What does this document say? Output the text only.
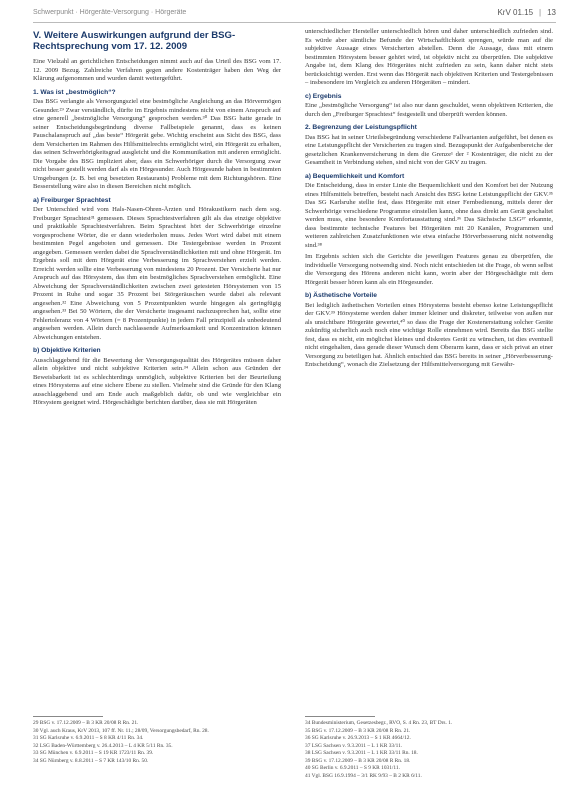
Schwerpunkt · Hörgeräte-Versorgung · Hörgeräte	KrV 01.15 | 13
V. Weitere Auswirkungen aufgrund der BSG-Rechtsprechung vom 17. 12. 2009

Eine Vielzahl an gerichtlichen Entscheidungen nimmt auch auf das Urteil des BSG vom 17. 12. 2009 Bezug. Zahlreiche Verfahren gegen andere Kostenträger haben den Weg der Klärung aufgenommen und wurden damit weitergeführt.

1. Was ist „bestmöglich“?

Das BSG verlangte als Versorgungsziel eine bestmögliche Angleichung an das Hörvermögen Gesunder.²⁹ Zwar verständlich, dürfte im Ergebnis mindestens nicht von einem Anspruch auf eine generell „bestmögliche Versorgung“ gesprochen werden.³⁰ Das BSG hatte gerade in seiner Entscheidungsbegründung diverse Fallbeispiele genannt, dass es keinen Pauschalanspruch auf „das beste“ Hörgerät gebe. Wichtig erscheint aus Sicht des BSG, dass dem Versicherten im Rahmen des Hilfsmittelrechts ermöglicht wird, ein Hörgerät zu erhalten, das seinen Schwerhörigkeitsgrad ausgleicht und die Kommunikation mit anderen ermöglicht. Die Vorgabe des BSG impliziert aber, dass ein Schwerhöriger durch die Versorgung zwar nicht besser gestellt werden darf als ein Hörgesunder. Auch Hörgesunde haben in bestimmten Umgebungen (z. B. bei eng besetzten Restaurants) Probleme mit dem Richtungshören. Eine Besserstellung wäre also in diesen Bereichen nicht möglich.

a) Freiburger Sprachtest

Der Unterschied wird vom Hals-Nasen-Ohren-Ärzten und Hörakustikern nach dem sog. Freiburger Sprachtest³¹ gemessen. Dieses Sprachtestverfahren gilt als das einzige objektive und praktikable Sprachtestverfahren. Beim Sprachtest hört der Schwerhörige einzelne vorgesprochene Wörter, die er dann wiederholen muss. Jedes Wort wird dabei mit einem bestimmten Pegel angeboten und gemessen. Die Testergebnisse werden in Prozent angegeben. Gemessen werden dabei die Sprachverständlichkeiten mit und ohne Hörgerät. Im Ergebnis soll mit dem Hörgerät eine Verbesserung im Sprachverstehen erzielt werden. Erreicht werden sollte eine Verbesserung von mindestens 20 Prozent. Der Versicherte hat nur Anspruch auf das Hörsystem, das ihm ein bestmögliches Sprachverstehen ermöglicht. Eine Abweichung der Sprachverständlichkeiten zwischen zwei getesteten Hörsystemen von 15 Prozent in Ruhe und sogar 35 Prozent bei Störgeräuschen wurde dabei als relevant angesehen.³² Eine Abweichung von 5 Prozentpunkten wurde hingegen als geringfügig angesehen.³³ Bei 50 Wörtern, die der Versicherte insgesamt nachzusprechen hat, sollte eine Fehlertoleranz von 4 Wörtern (= 8 Prozentpunkte) in jedem Fall prinzipiell als unbedeutend angesehen werden. Allein durch nachlassende Aufmerksamkeit und Konzentration können Abweichungen entstehen.

b) Objektive Kriterien

Ausschlaggebend für die Bewertung der Versorgungsqualität des Hörgerätes müssen daher allein objektive und nicht subjektive Kriterien sein.³⁴ Allein schon aus Gründen der Beweisbarkeit ist es schlechterdings unmöglich, subjektive Kriterien bei der Beurteilung eines Hörsystems auf eine sichere Ebene zu stellen. Vielmehr sind die Gründe für den Klang ausschlaggebend und am Ende auch maßgeblich dafür, ob und wie vergleichbar ein Hörsystem geeignet wird. Hörgeschädigte berichten darüber, dass sie mit Hörgeräten

unterschiedlicher Hersteller unterschiedlich hören und daher unterschiedlich zufrieden sind. Es würde aber sämtliche Befunde der Wirtschaftlichkeit sprengen, würde man auf die subjektive Aussage eines Versicherten abstellen. Denn die Aussage, dass mit einem bestimmten Hörsystem besser gehört wird, ist objektiv nicht zu überprüfen. Die subjektive Angabe ist, dem Klang des Hörgerätes nicht zufrieden zu sein, kann daher nicht stets berücksichtigt werden. Erst wenn das Hörgerät nach objektiven Kriterien und Testergebnissen – insbesondere im Vergleich zu anderen Hörgeräten – mindert.

c) Ergebnis

Eine „bestmögliche Versorgung“ ist also nur dann geschuldet, wenn objektiven Kriterien, die durch den „Freiburger Sprachtest“ festgestellt und überprüft werden können.

2. Begrenzung der Leistungspflicht

Das BSG hat in seiner Urteilsbegründung verschiedene Fallvarianten aufgeführt, bei denen es eine Leistungspflicht der Versicherten zu tragen sind. Bezugspunkt der Aufgabenbereiche der gesetzlichen Krankenversicherung in dem die Grenze¹ der ² Kostenträger, die nicht zu der Gesamtheit in Verbindung stehen, sind nicht von der GKV zu tragen.

a) Bequemlichkeit und Komfort

Die Entscheidung, dass in erster Linie die Bequemlichkeit und den Komfort bei der Nutzung eines Hilfsmittels betreffen, besteht nach Ansicht des BSG keine Leistungspflicht der GKV.³⁵ Das SG Karlsruhe stellte fest, dass Hörgeräte mit einer Fernbedienung, mittels derer der Schwerhörige verschiedene Programme einstellen kann, ohne dass direkt am Gerät geschaltet werden muss, eine besondere Komfortausstattung sind.³⁶ Das Sächsische LSG³⁷ erkannte, dass bestimmte technische Features bei Hörgeräten mit 20 Kanälen, Programmen und weiteren zahlreichen Zusatzfunktionen wie etwa einfache Hörverbesserung nicht notwendig sind.³⁸

Im Ergebnis schien sich die Gerichte die jeweiligen Features genau zu überprüfen, die individuelle Versorgung notwendig sind. Noch nicht entschieden ist die Frage, ob wenn selbst die Versorgung des Hörens anderen nicht kann, worin aber der Hörgeschädigte mit dem Hörgerät besser hören kann als ein Hörgesunder.

b) Ästhetische Vorteile

Bei lediglich ästhetischen Vorteilen eines Hörsystems besteht ebenso keine Leistungspflicht der GKV.³⁹ Hörsysteme werden daher immer kleiner und diskreter, teilweise von außen nur als unsichtbare Hörgeräte gewertet,⁴⁰ so dass die Frage der Kostenerstattung solcher Geräte zukünftig sicherlich auch noch eine wichtige Rolle einnehmen wird. Bereits das BSG stellte fest, dass es nicht, ein möglichst kleines und diskretes Gerät zu wünschen, ist dies eventuell nicht eingehalten, dass gerade dieser Wunsch dem Oberarm kann, dass er sich privat an einer Versorgung zu beteiligen hat. Ähnlich entschied das BSG bereits in seiner „Hörverbesserung-Entscheidung“, wonach die Zielsetzung der Hilfsmittelversorgung mit Gewähr-

29 BSG v. 17.12.2009 – B 3 KR 20/08 R Rn. 21.
30 Vgl. auch Kraus, KrV 2013, 107 ff. Nr. 11.; 28/09, Versorgungsbedarf, Rn. 28.
31 SG Karlsruhe v. 6.9.2011 – S 8 KR 4/11 Rn. 34.
32 LSG Baden-Württemberg v. 26.4.2013 – L 4 KR 5/11 Rn. 35.
33 SG München v. 6.9.2011 – S 19 KR 1723/11 Rn. 39.
34 SG Nürnberg v. 8.8.2011 – S 7 KR 143/10 Rn. 50.
34 Bundesministerium, Gesetzesbegr., RVO, S. 4 Rn. 23, BT Drs. 1.
35 BSG v. 17.12.2009 – B 3 KR 20/08 R Rn. 21.
36 SG Karlsruhe v. 26.9.2013 – S 1 KR 4664/12.
37 LSG Sachsen v. 9.3.2011 – L 1 KR 33/11.
38 LSG Sachsen v. 9.3.2011 – L 1 KR 33/11 Rn. 18.
39 BSG v. 17.12.2009 – B 3 KR 20/08 R Rn. 18.
40 SG Berlin v. 6.9.2011 – S 9 KR 1031/11.
41 Vgl. BSG 16.9.1994 – 3/1 RK 9/93 – B 2 KR 6/11.
